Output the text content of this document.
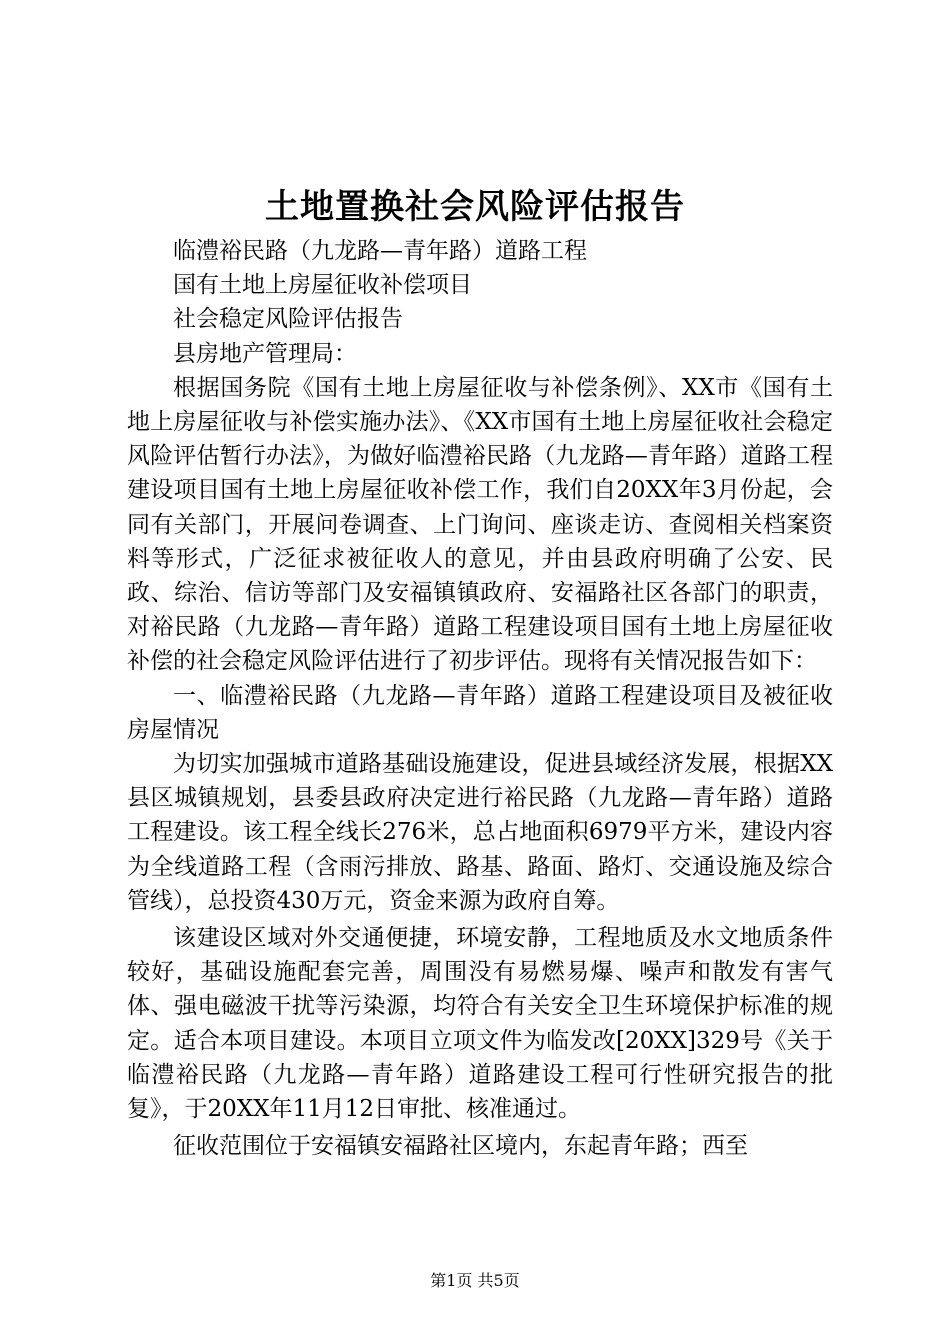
土地置换社会风险评估报告

临澧裕民路（九龙路—青年路）道路工程

国有土地上房屋征收补偿项目

社会稳定风险评估报告

县房地产管理局：

根据国务院《国有土地上房屋征收与补偿条例》、XX市《国有土地上房屋征收与补偿实施办法》、《XX市国有土地上房屋征收社会稳定风险评估暂行办法》，为做好临澧裕民路（九龙路—青年路）道路工程建设项目国有土地上房屋征收补偿工作，我们自20XX年3月份起，会同有关部门，开展问卷调查、上门询问、座谈走访、查阅相关档案资料等形式，广泛征求被征收人的意见，并由县政府明确了公安、民政、综治、信访等部门及安福镇镇政府、安福路社区各部门的职责，对裕民路（九龙路—青年路）道路工程建设项目国有土地上房屋征收补偿的社会稳定风险评估进行了初步评估。现将有关情况报告如下：

一、临澧裕民路（九龙路—青年路）道路工程建设项目及被征收房屋情况

为切实加强城市道路基础设施建设，促进县域经济发展，根据XX县区城镇规划，县委县政府决定进行裕民路（九龙路—青年路）道路工程建设。该工程全线长276米，总占地面积6979平方米，建设内容为全线道路工程（含雨污排放、路基、路面、路灯、交通设施及综合管线），总投资430万元，资金来源为政府自筹。

该建设区域对外交通便捷，环境安静，工程地质及水文地质条件较好，基础设施配套完善，周围没有易燃易爆、噪声和散发有害气体、强电磁波干扰等污染源，均符合有关安全卫生环境保护标准的规定。适合本项目建设。本项目立项文件为临发改[20XX]329号《关于临澧裕民路（九龙路—青年路）道路建设工程可行性研究报告的批复》，于20XX年11月12日审批、核准通过。

征收范围位于安福镇安福路社区境内，东起青年路；西至

第1页 共5页
